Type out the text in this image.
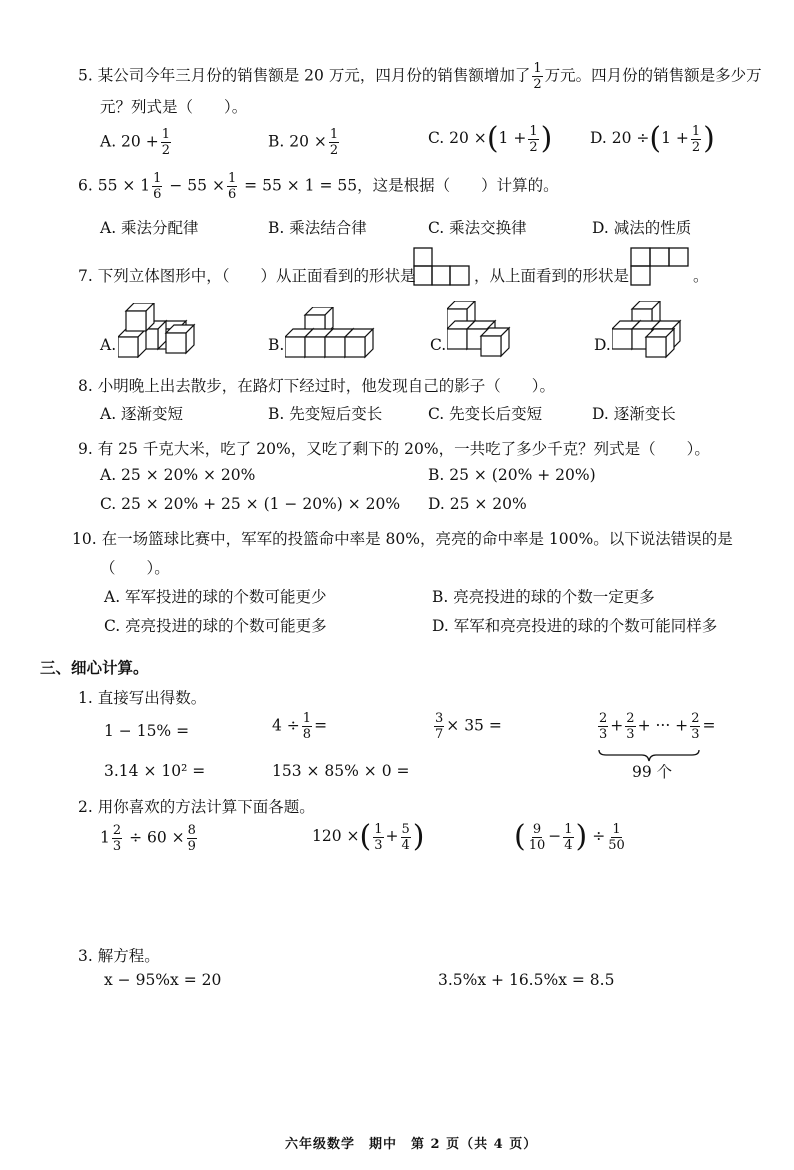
5. 某公司今年三月份的销售额是 20 万元，四月份的销售额增加了 $\frac{1}{2}$ 万元。四月份的销售额是多少万
元？列式是（　　）。
A. $20 + \frac{1}{2}$	B. $20 \times \frac{1}{2}$	C. $20 \times(1 + \frac{1}{2}$ ) D. $20 \div(1 + \frac{1}{2}$ )
6. $55 \times 1 \frac{1}{6} - 55 \times \frac{1}{6} = 55 \times 1 = 55$，这是根据（　　）计算的。
A. 乘法分配律	B. 乘法结合律	C. 乘法交换律	D. 减法的性质
7. 下列立体图形中，（　　）从正面看到的形状是	，从上面看到的形状是	。
A.	B.	C.	D.
8. 小明晚上出去散步，在路灯下经过时，他发现自己的影子（　　）。
A. 逐渐变短	B. 先变短后变长	C. 先变长后变短	D. 逐渐变长
9. 有 25 千克大米，吃了 20%，又吃了剩下的 20%，一共吃了多少千克？列式是（　　）。
A. 25 × 20% × 20%	B. 25 × (20% + 20%)
C. 25 × 20% + 25 × (1 − 20%) × 20% D. 25 × 20%
10. 在一场篮球比赛中，军军的投篮命中率是 80%，亮亮的命中率是 100%。以下说法错误的是
（　　）。
A. 军军投进的球的个数可能更少	B. 亮亮投进的球的个数一定更多
C. 亮亮投进的球的个数可能更多	D. 军军和亮亮投进的球的个数可能同样多
三、细心计算。
1. 直接写出得数。
1 − 15% =	$4 \div \frac{1}{8}$ =	$\frac{3}{7} \times 35$ =	$\frac{2}{3} + \frac{2}{3}$ + ··· + $\frac{2}{3}$ =
99 个
3.14 × 10² =	153 × 85% × 0 =
2. 用你喜欢的方法计算下面各题。
$1 \frac{2}{3} \div 60 \times \frac{8}{9}$	120 ×( $\frac{1}{3} + \frac{5}{4}$ )	( $\frac{9}{10} - \frac{1}{4}$ ) ÷ $\frac{1}{50}$
3. 解方程。
x − 95%x = 20	3.5%x + 16.5%x = 8.5
六年级数学　期中　第 2 页（共 4 页）
